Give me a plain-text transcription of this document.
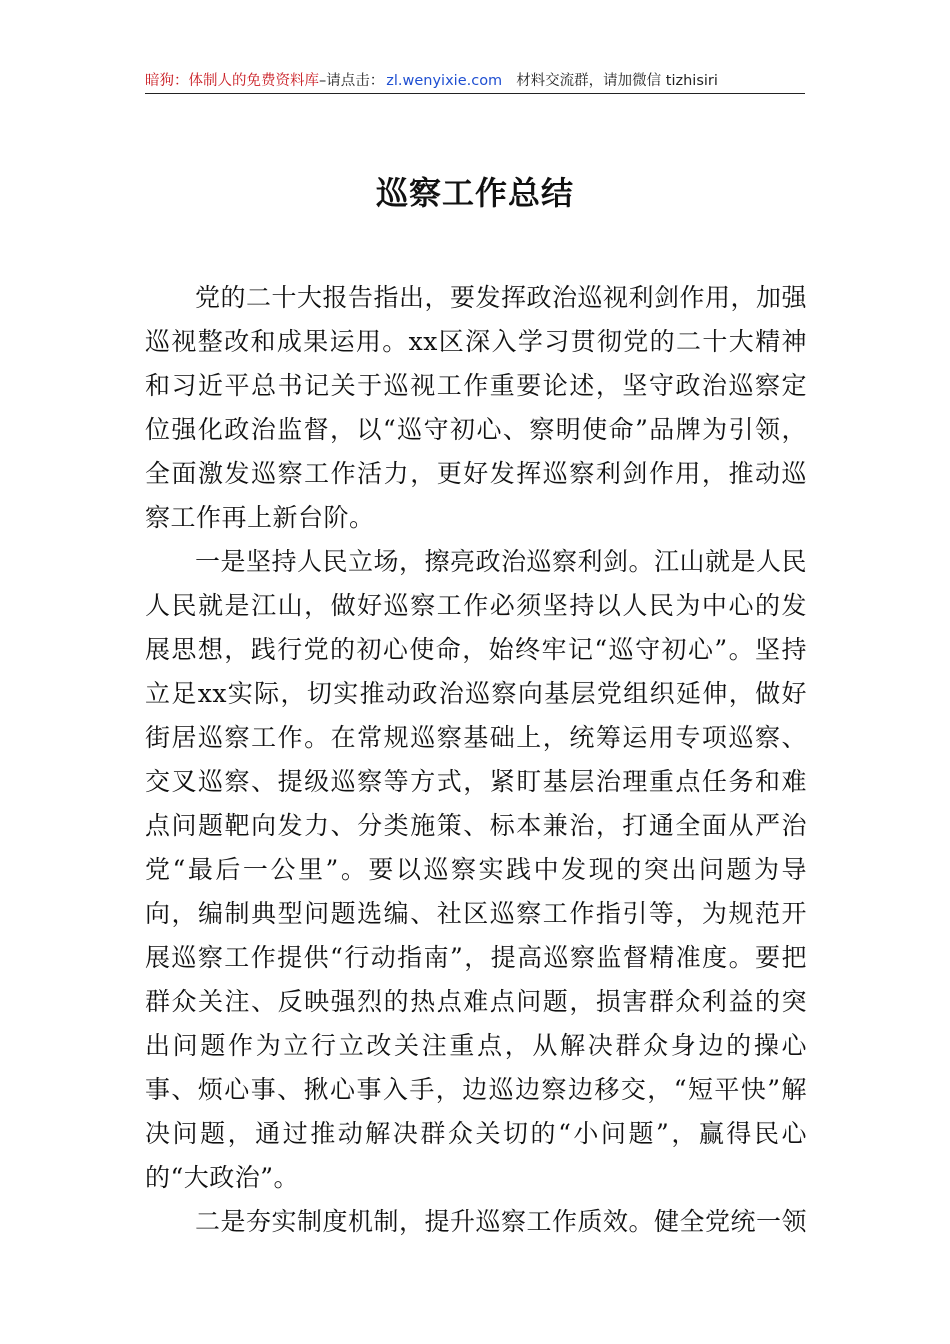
暗狗：体制人的免费资料库–请点击： zl.wenyixie.com 材料交流群，请加微信 tizhisiri
巡察工作总结

党的二十大报告指出，要发挥政治巡视利剑作用，加强巡视整改和成果运用。xx区深入学习贯彻党的二十大精神和习近平总书记关于巡视工作重要论述，坚守政治巡察定位强化政治监督，以“巡守初心、察明使命”品牌为引领，全面激发巡察工作活力，更好发挥巡察利剑作用，推动巡察工作再上新台阶。

一是坚持人民立场，擦亮政治巡察利剑。江山就是人民人民就是江山，做好巡察工作必须坚持以人民为中心的发展思想，践行党的初心使命，始终牢记“巡守初心”。坚持立足xx实际，切实推动政治巡察向基层党组织延伸，做好街居巡察工作。在常规巡察基础上，统筹运用专项巡察、交叉巡察、提级巡察等方式，紧盯基层治理重点任务和难点问题靶向发力、分类施策、标本兼治，打通全面从严治党“最后一公里”。要以巡察实践中发现的突出问题为导向，编制典型问题选编、社区巡察工作指引等，为规范开展巡察工作提供“行动指南”，提高巡察监督精准度。要把群众关注、反映强烈的热点难点问题，损害群众利益的突出问题作为立行立改关注重点，从解决群众身边的操心事、烦心事、揪心事入手，边巡边察边移交，“短平快”解决问题，通过推动解决群众关切的“小问题”，赢得民心的“大政治”。

二是夯实制度机制，提升巡察工作质效。健全党统一领
